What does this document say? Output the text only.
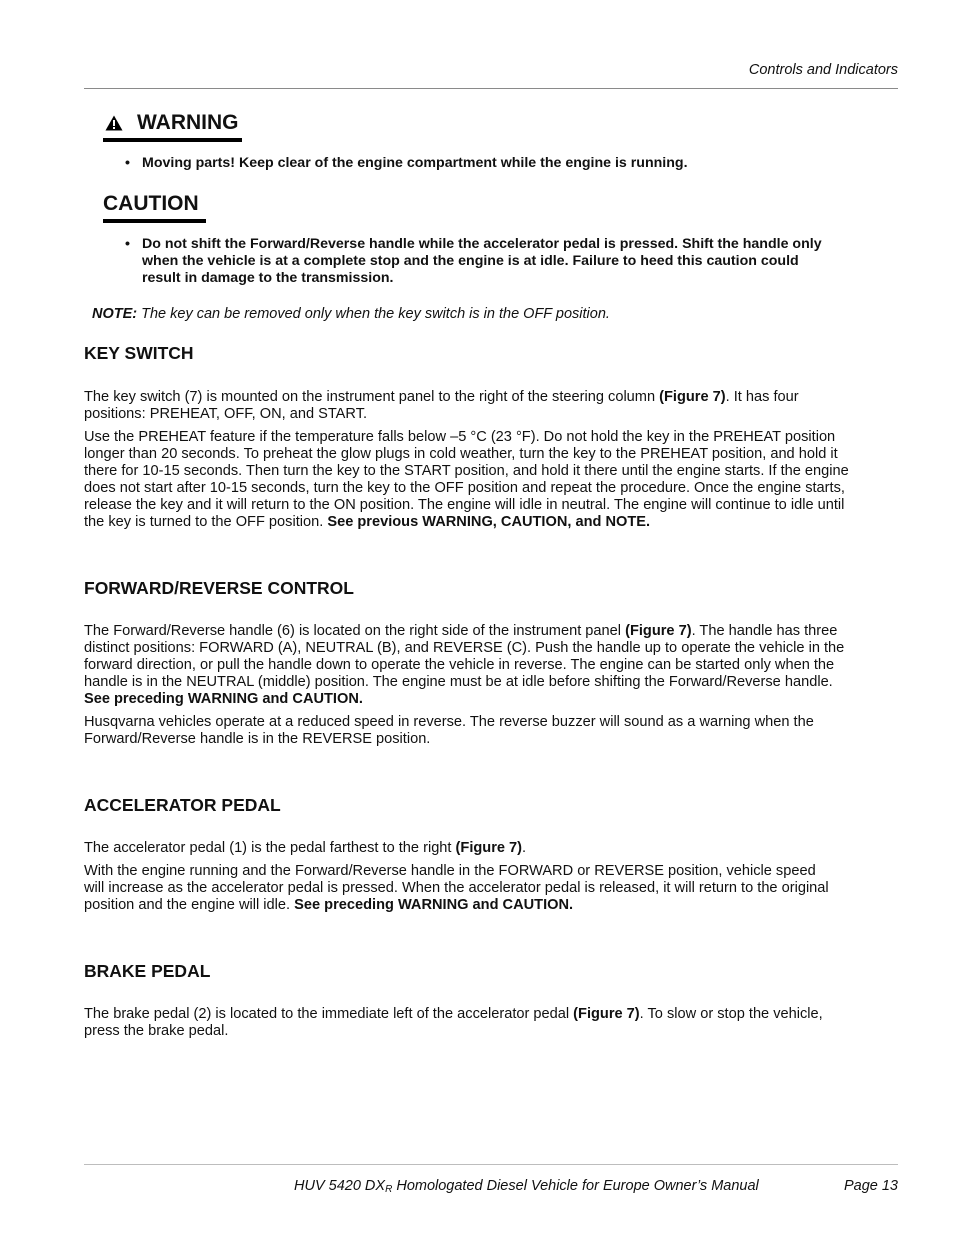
Controls and Indicators
WARNING
• Moving parts! Keep clear of the engine compartment while the engine is running.
CAUTION
• Do not shift the Forward/Reverse handle while the accelerator pedal is pressed. Shift the handle only
when the vehicle is at a complete stop and the engine is at idle. Failure to heed this caution could
result in damage to the transmission.
NOTE: The key can be removed only when the key switch is in the OFF position.
KEY SWITCH
The key switch (7) is mounted on the instrument panel to the right of the steering column (Figure 7). It has four
positions: PREHEAT, OFF, ON, and START.
Use the PREHEAT feature if the temperature falls below –5 °C (23 °F). Do not hold the key in the PREHEAT position
longer than 20 seconds. To preheat the glow plugs in cold weather, turn the key to the PREHEAT position, and hold it
there for 10-15 seconds. Then turn the key to the START position, and hold it there until the engine starts. If the engine
does not start after 10-15 seconds, turn the key to the OFF position and repeat the procedure. Once the engine starts,
release the key and it will return to the ON position. The engine will idle in neutral. The engine will continue to idle until
the key is turned to the OFF position. See previous WARNING, CAUTION, and NOTE.
FORWARD/REVERSE CONTROL
The Forward/Reverse handle (6) is located on the right side of the instrument panel (Figure 7). The handle has three
distinct positions: FORWARD (A), NEUTRAL (B), and REVERSE (C). Push the handle up to operate the vehicle in the
forward direction, or pull the handle down to operate the vehicle in reverse. The engine can be started only when the
handle is in the NEUTRAL (middle) position. The engine must be at idle before shifting the Forward/Reverse handle.
See preceding WARNING and CAUTION.
Husqvarna vehicles operate at a reduced speed in reverse. The reverse buzzer will sound as a warning when the
Forward/Reverse handle is in the REVERSE position.
ACCELERATOR PEDAL
The accelerator pedal (1) is the pedal farthest to the right (Figure 7).
With the engine running and the Forward/Reverse handle in the FORWARD or REVERSE position, vehicle speed
will increase as the accelerator pedal is pressed. When the accelerator pedal is released, it will return to the original
position and the engine will idle. See preceding WARNING and CAUTION.
BRAKE PEDAL
The brake pedal (2) is located to the immediate left of the accelerator pedal (Figure 7). To slow or stop the vehicle,
press the brake pedal.
HUV 5420 $DX_R$ Homologated Diesel Vehicle for Europe Owner’s Manual	Page 13
